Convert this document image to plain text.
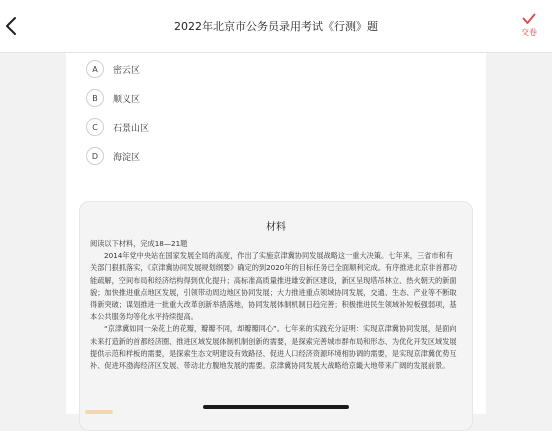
2022年北京市公务员录用考试《行测》题	交卷
A	密云区
B	顺义区
C	石景山区
D	海淀区
材料

阅读以下材料，完成18—21题

2014年党中央站在国家发展全局的高度，作出了实施京津冀协同发展战略这一重大决策。七年来，三省市和有关部门狠抓落实，《京津冀协同发展规划纲要》确定的到2020年的目标任务已全面顺利完成。有序推进北京非首都功能疏解，空间布局和经济结构得到优化提升；高标准高质量推进雄安新区建设，新区呈现塔吊林立、热火朝天的新面貌；加快推进重点地区发展，引领带动周边地区协同发展；大力推进重点领域协同发展，交通、生态、产业等不断取得新突破；谋划推进一批重大改革创新举措落地，协同发展体制机制日趋完善；积极推进民生领域补短板强弱项，基本公共服务均等化水平持续提高。

“京津冀如同一朵花上的花瓣，瓣瓣不同，却瓣瓣同心”。七年来的实践充分证明：实现京津冀协同发展，是面向未来打造新的首都经济圈、推进区域发展体制机制创新的需要，是探索完善城市群布局和形态、为优化开发区域发展提供示范和样板的需要，是探索生态文明建设有效路径、促进人口经济资源环境相协调的需要，是实现京津冀优势互补、促进环渤海经济区发展、带动北方腹地发展的需要。京津冀协同发展大战略给京畿大地带来广阔的发展前景。
